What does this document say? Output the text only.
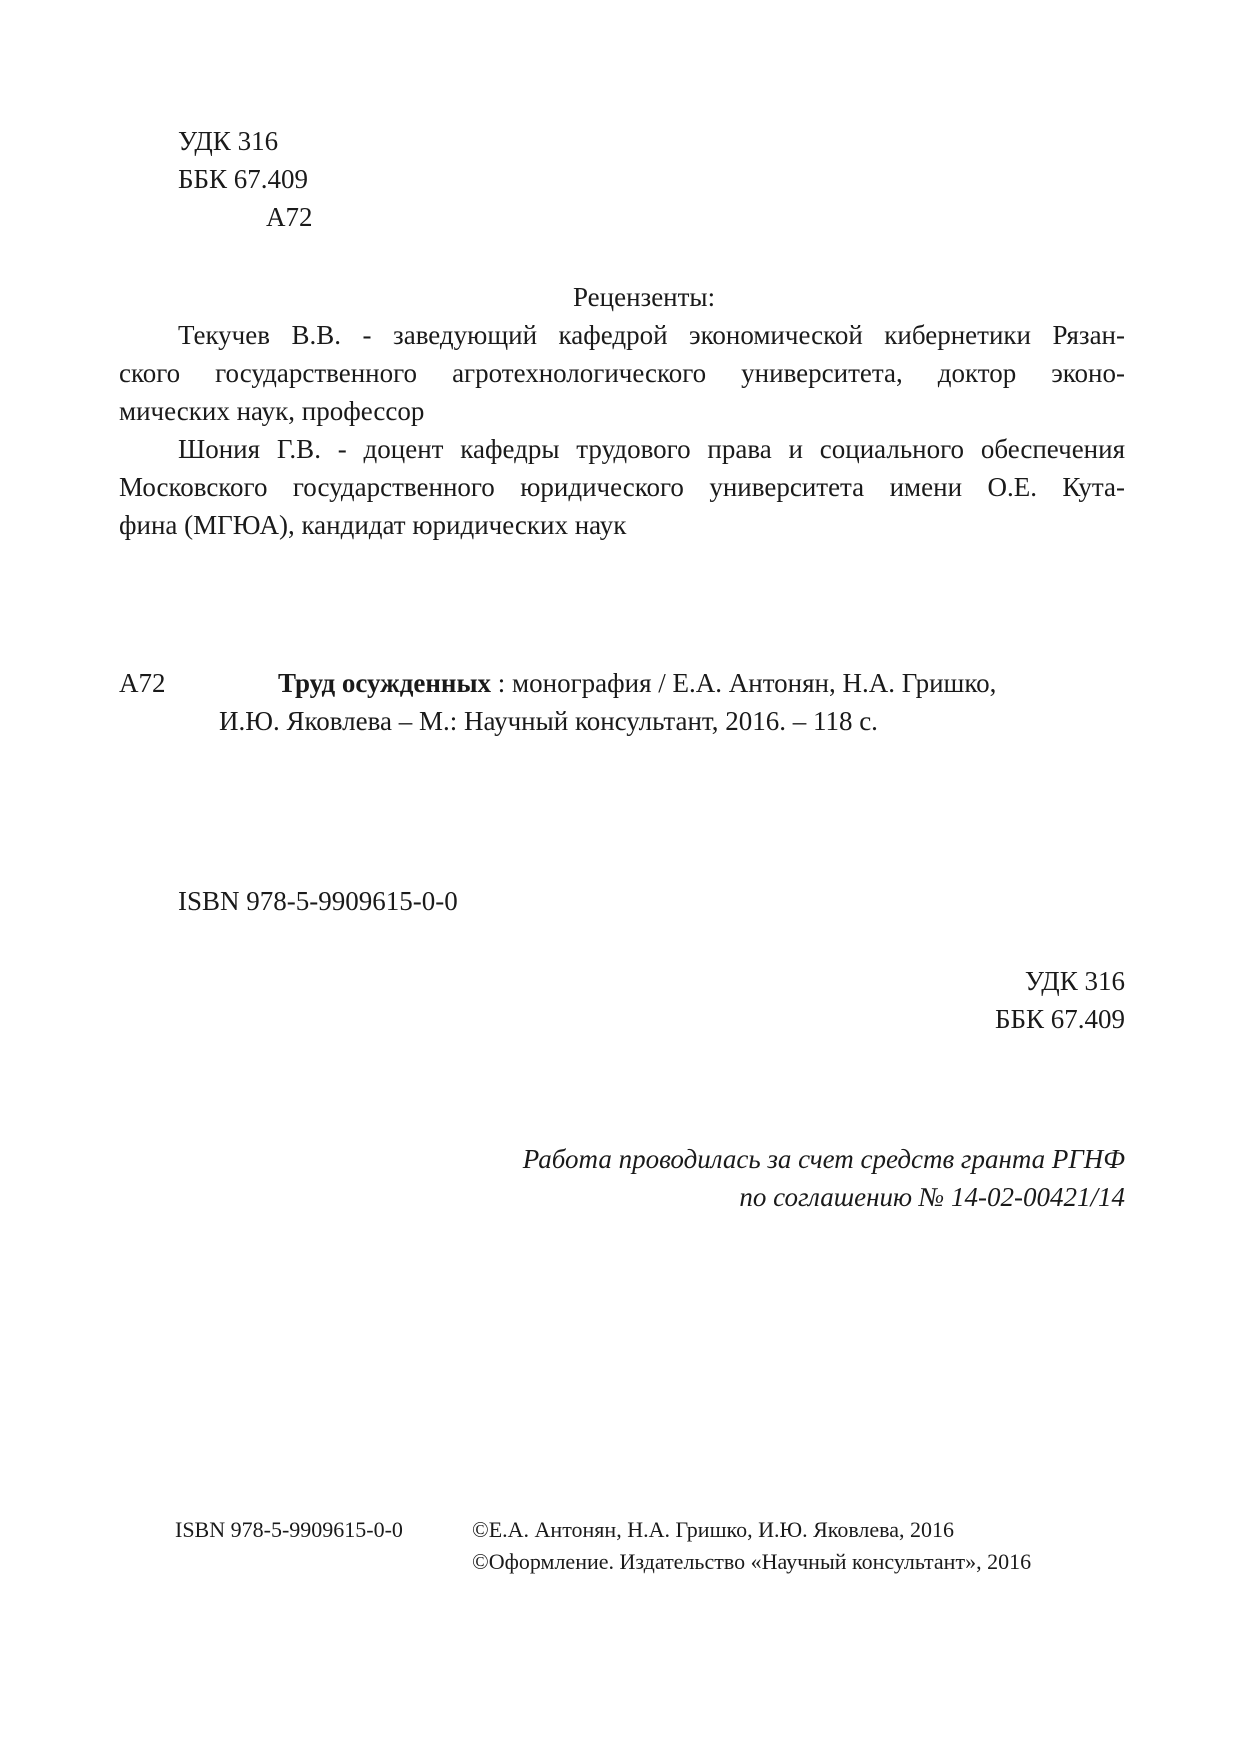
УДК 316
ББК 67.409
А72
Рецензенты:
Текучев В.В. - заведующий кафедрой экономической кибернетики Рязан-
ского государственного агротехнологического университета, доктор эконо-
мических наук, профессор
Шония Г.В. - доцент кафедры трудового права и социального обеспечения
Московского государственного юридического университета имени О.Е. Кута-
фина (МГЮА), кандидат юридических наук
А72	Труд осужденных : монография / Е.А. Антонян, Н.А. Гришко,
И.Ю. Яковлева – М.: Научный консультант, 2016. – 118 с.
ISBN 978-5-9909615-0-0
УДК 316
ББК 67.409
Работа проводилась за счет средств гранта РГНФ
по соглашению № 14-02-00421/14
ISBN 978-5-9909615-0-0	©Е.А. Антонян, Н.А. Гришко, И.Ю. Яковлева, 2016
©Оформление. Издательство «Научный консультант», 2016
